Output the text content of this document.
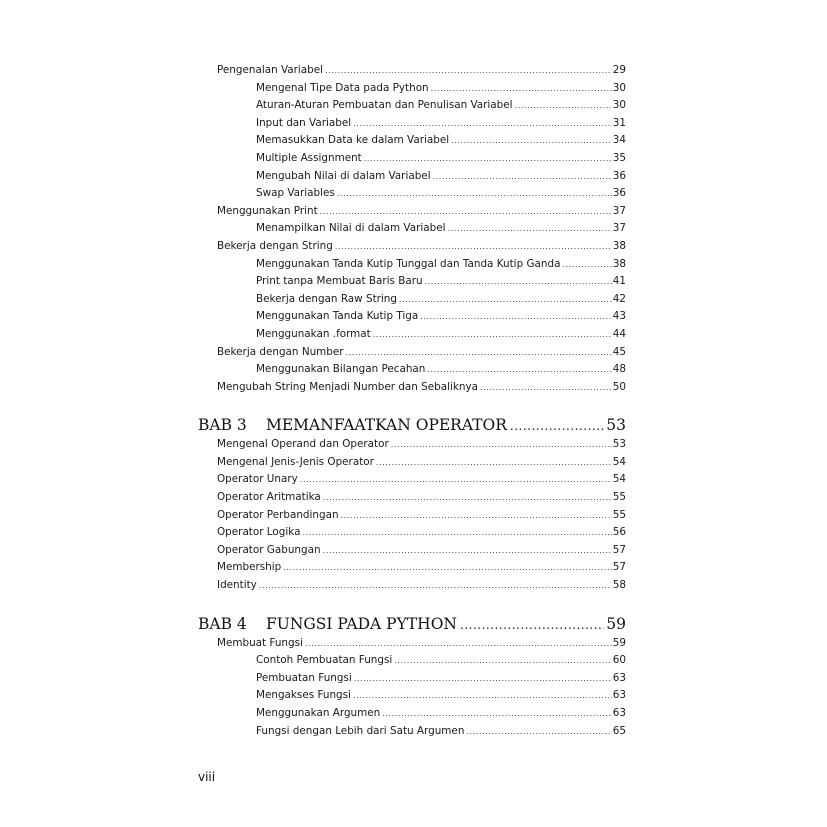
Pengenalan Variabel .....	29
Mengenal Tipe Data pada Python .....	30
Aturan-Aturan Pembuatan dan Penulisan Variabel .....	30
Input dan Variabel .....	31
Memasukkan Data ke dalam Variabel .....	34
Multiple Assignment .....	35
Mengubah Nilai di dalam Variabel .....	36
Swap Variables .....	36
Menggunakan Print .....	37
Menampilkan Nilai di dalam Variabel .....	37
Bekerja dengan String .....	38
Menggunakan Tanda Kutip Tunggal dan Tanda Kutip Ganda .....	38
Print tanpa Membuat Baris Baru .....	41
Bekerja dengan Raw String .....	42
Menggunakan Tanda Kutip Tiga .....	43
Menggunakan .format .....	44
Bekerja dengan Number .....	45
Menggunakan Bilangan Pecahan .....	48
Mengubah String Menjadi Number dan Sebaliknya .....	50
BAB 3	MEMANFAATKAN OPERATOR .....	53
Mengenal Operand dan Operator .....	53
Mengenal Jenis-Jenis Operator .....	54
Operator Unary .....	54
Operator Aritmatika .....	55
Operator Perbandingan .....	55
Operator Logika .....	56
Operator Gabungan .....	57
Membership .....	57
Identity .....	58
BAB 4	FUNGSI PADA PYTHON .....	59
Membuat Fungsi .....	59
Contoh Pembuatan Fungsi .....	60
Pembuatan Fungsi .....	63
Mengakses Fungsi .....	63
Menggunakan Argumen .....	63
Fungsi dengan Lebih dari Satu Argumen .....	65
viii
